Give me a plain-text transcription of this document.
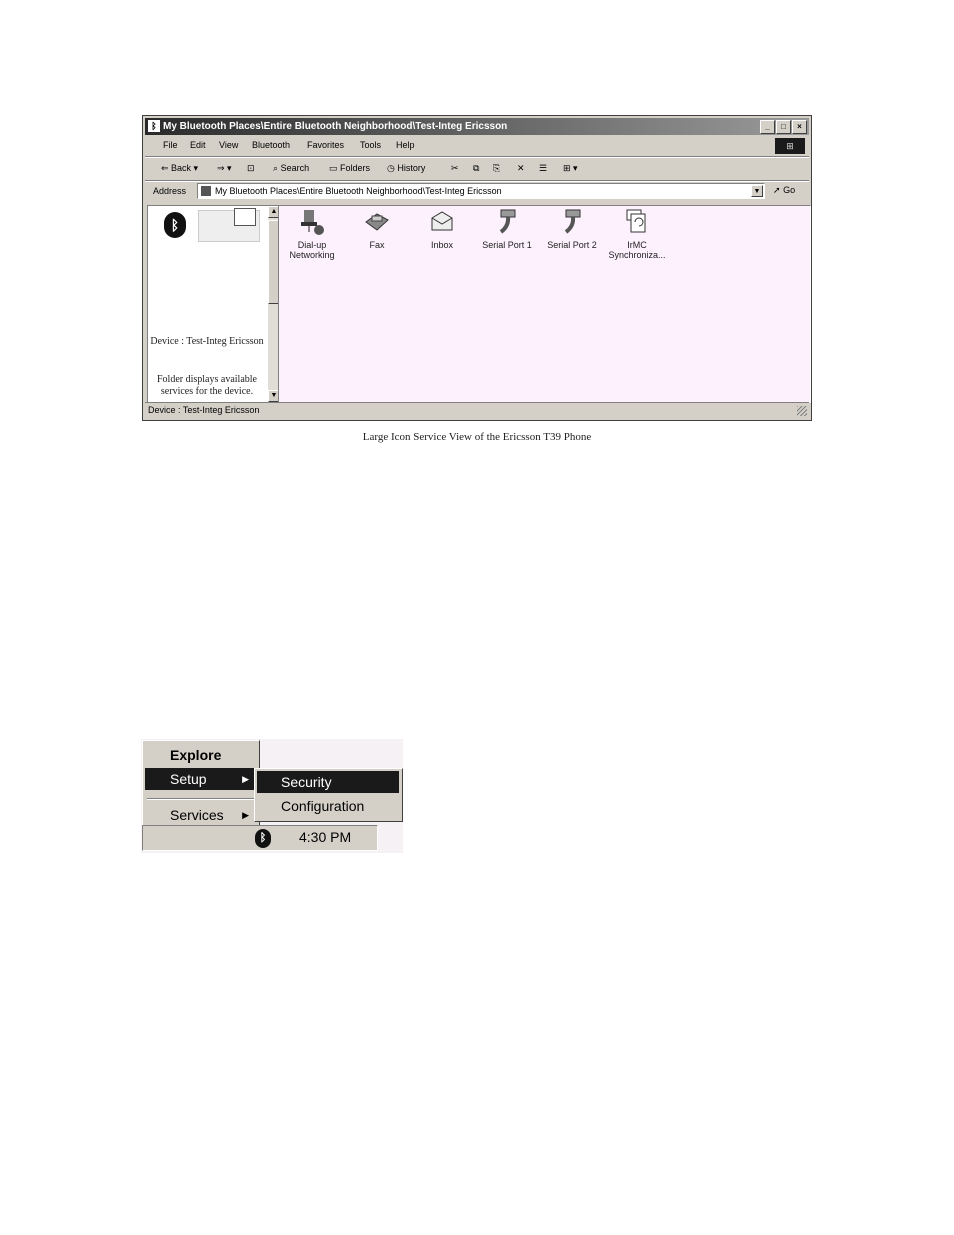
ᛒ My Bluetooth Places\Entire Bluetooth Neighborhood\Test-Integ Ericsson	_	□	×
File Edit View Bluetooth Favorites Tools Help	⊞
⇐ Back ▾ ⇒ ▾ ⊡ ⌕ Search ▭ Folders ◷ History	✂ ⧉ ⎘ ✕ ☰ ⊞ ▾
Address	My Bluetooth Places\Entire Bluetooth Neighborhood\Test-Integ Ericsson	▼ ➚ Go
ᛒ
Device : Test-Integ Ericsson
Folder displays available services for the device.
▲
▼
Dial-up Networking
Fax	Inbox	Serial Port 1	Serial Port 2	IrMC Synchroniza...
Device : Test-Integ Ericsson
Large Icon Service View of the Ericsson T39 Phone
Explore
Setup	▶
Services ▶
Security
Configuration
ᛒ	4:30 PM
